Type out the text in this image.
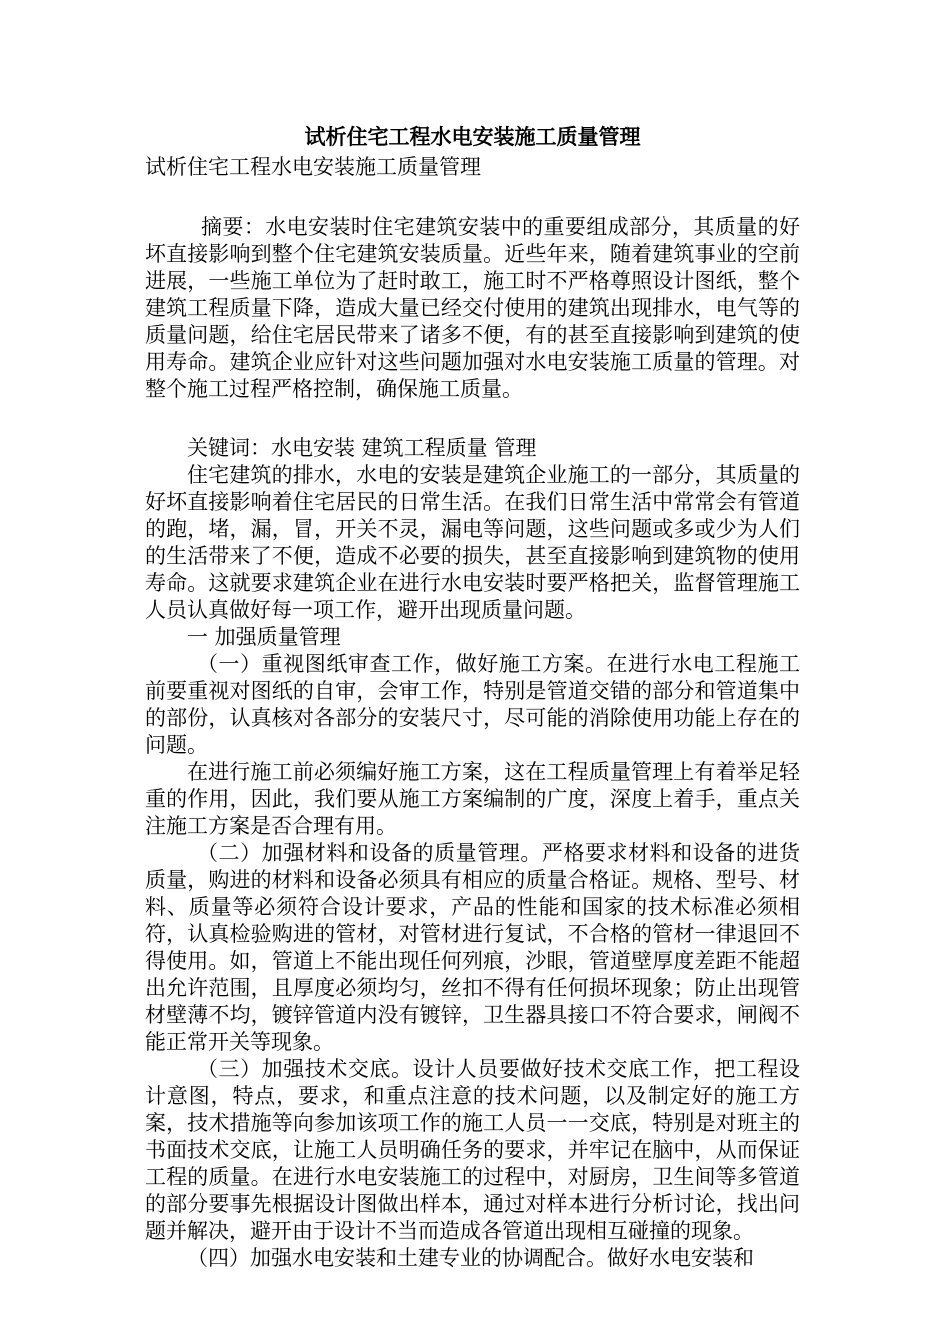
试析住宅工程水电安装施工质量管理

试析住宅工程水电安装施工质量管理

摘要：水电安装时住宅建筑安装中的重要组成部分，其质量的好坏直接影响到整个住宅建筑安装质量。近些年来，随着建筑事业的空前进展，一些施工单位为了赶时敢工，施工时不严格尊照设计图纸，整个建筑工程质量下降，造成大量已经交付使用的建筑出现排水，电气等的质量问题，给住宅居民带来了诸多不便，有的甚至直接影响到建筑的使用寿命。建筑企业应针对这些问题加强对水电安装施工质量的管理。对整个施工过程严格控制，确保施工质量。

关键词：水电安装 建筑工程质量 管理

住宅建筑的排水，水电的安装是建筑企业施工的一部分，其质量的好坏直接影响着住宅居民的日常生活。在我们日常生活中常常会有管道的跑，堵，漏，冒，开关不灵，漏电等问题，这些问题或多或少为人们的生活带来了不便，造成不必要的损失，甚至直接影响到建筑物的使用寿命。这就要求建筑企业在进行水电安装时要严格把关，监督管理施工人员认真做好每一项工作，避开出现质量问题。

一 加强质量管理

（一）重视图纸审查工作，做好施工方案。在进行水电工程施工前要重视对图纸的自审，会审工作，特别是管道交错的部分和管道集中的部份，认真核对各部分的安装尺寸，尽可能的消除使用功能上存在的问题。

在进行施工前必须编好施工方案，这在工程质量管理上有着举足轻重的作用，因此，我们要从施工方案编制的广度，深度上着手，重点关注施工方案是否合理有用。

（二）加强材料和设备的质量管理。严格要求材料和设备的进货质量，购进的材料和设备必须具有相应的质量合格证。规格、型号、材料、质量等必须符合设计要求，产品的性能和国家的技术标准必须相符，认真检验购进的管材，对管材进行复试，不合格的管材一律退回不得使用。如，管道上不能出现任何列痕，沙眼，管道壁厚度差距不能超出允许范围，且厚度必须均匀，丝扣不得有任何损坏现象；防止出现管材壁薄不均，镀锌管道内没有镀锌，卫生器具接口不符合要求，闸阀不能正常开关等现象。

（三）加强技术交底。设计人员要做好技术交底工作，把工程设计意图，特点，要求，和重点注意的技术问题，以及制定好的施工方案，技术措施等向参加该项工作的施工人员一一交底，特别是对班主的书面技术交底，让施工人员明确任务的要求，并牢记在脑中，从而保证工程的质量。在进行水电安装施工的过程中，对厨房，卫生间等多管道的部分要事先根据设计图做出样本，通过对样本进行分析讨论，找出问题并解决，避开由于设计不当而造成各管道出现相互碰撞的现象。

（四）加强水电安装和土建专业的协调配合。做好水电安装和
